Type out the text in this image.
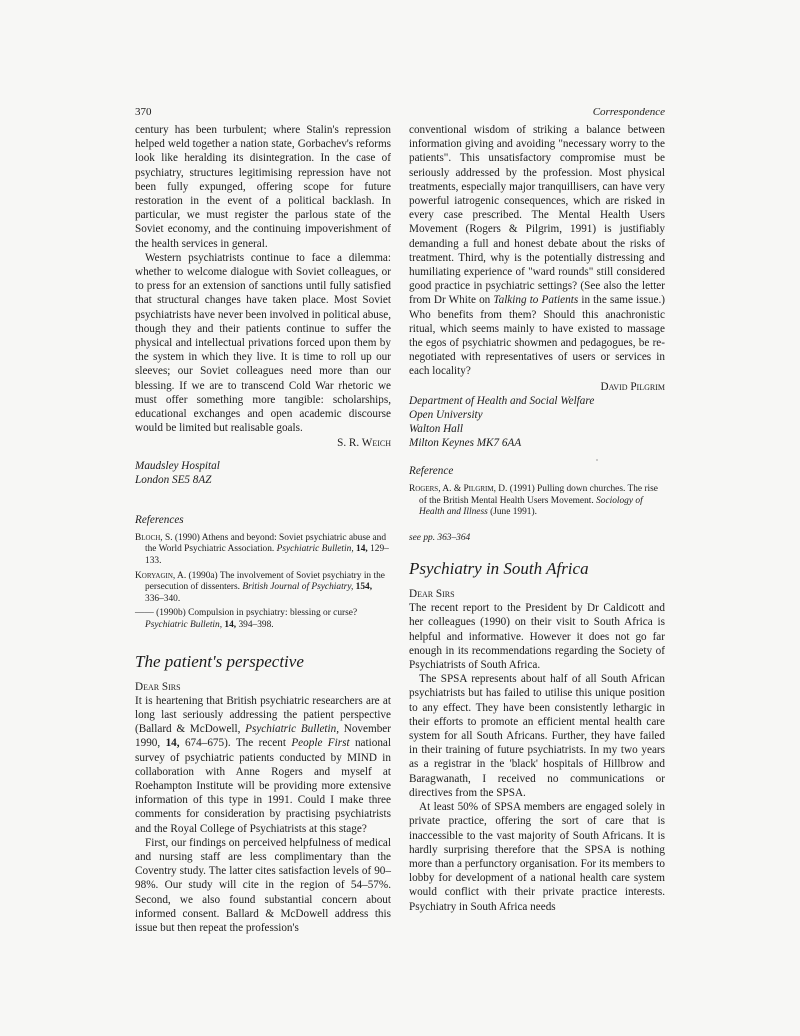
370	Correspondence

century has been turbulent; where Stalin's repression helped weld together a nation state, Gorbachev's reforms look like heralding its disintegration. In the case of psychiatry, structures legitimising repression have not been fully expunged, offering scope for future restoration in the event of a political backlash. In particular, we must register the parlous state of the Soviet economy, and the continuing impoverishment of the health services in general.

Western psychiatrists continue to face a dilemma: whether to welcome dialogue with Soviet colleagues, or to press for an extension of sanctions until fully satisfied that structural changes have taken place. Most Soviet psychiatrists have never been involved in political abuse, though they and their patients continue to suffer the physical and intellectual privations forced upon them by the system in which they live. It is time to roll up our sleeves; our Soviet colleagues need more than our blessing. If we are to transcend Cold War rhetoric we must offer something more tangible: scholarships, educational exchanges and open academic discourse would be limited but realisable goals.

S. R. Weich
Maudsley Hospital
London SE5 8AZ
References
Bloch, S. (1990) Athens and beyond: Soviet psychiatric abuse and the World Psychiatric Association. Psychiatric Bulletin, 14, 129–133.
Koryagin, A. (1990a) The involvement of Soviet psychiatry in the persecution of dissenters. British Journal of Psychiatry, 154, 336–340.
—— (1990b) Compulsion in psychiatry: blessing or curse? Psychiatric Bulletin, 14, 394–398.
The patient's perspective
Dear Sirs

It is heartening that British psychiatric researchers are at long last seriously addressing the patient perspective (Ballard & McDowell, Psychiatric Bulletin, November 1990, 14, 674–675). The recent People First national survey of psychiatric patients conducted by MIND in collaboration with Anne Rogers and myself at Roehampton Institute will be providing more extensive information of this type in 1991. Could I make three comments for consideration by practising psychiatrists and the Royal College of Psychiatrists at this stage?

First, our findings on perceived helpfulness of medical and nursing staff are less complimentary than the Coventry study. The latter cites satisfaction levels of 90–98%. Our study will cite in the region of 54–57%. Second, we also found substantial concern about informed consent. Ballard & McDowell address this issue but then repeat the profession's

conventional wisdom of striking a balance between information giving and avoiding "necessary worry to the patients". This unsatisfactory compromise must be seriously addressed by the profession. Most physical treatments, especially major tranquillisers, can have very powerful iatrogenic consequences, which are risked in every case prescribed. The Mental Health Users Movement (Rogers & Pilgrim, 1991) is justifiably demanding a full and honest debate about the risks of treatment. Third, why is the potentially distressing and humiliating experience of "ward rounds" still considered good practice in psychiatric settings? (See also the letter from Dr White on Talking to Patients in the same issue.) Who benefits from them? Should this anachronistic ritual, which seems mainly to have existed to massage the egos of psychiatric showmen and pedagogues, be re-negotiated with representatives of users or services in each locality?

David Pilgrim
Department of Health and Social Welfare
Open University
Walton Hall
Milton Keynes MK7 6AA
Reference
Rogers, A. & Pilgrim, D. (1991) Pulling down churches. The rise of the British Mental Health Users Movement. Sociology of Health and Illness (June 1991).
see pp. 363–364
Psychiatry in South Africa
Dear Sirs

The recent report to the President by Dr Caldicott and her colleagues (1990) on their visit to South Africa is helpful and informative. However it does not go far enough in its recommendations regarding the Society of Psychiatrists of South Africa.

The SPSA represents about half of all South African psychiatrists but has failed to utilise this unique position to any effect. They have been consistently lethargic in their efforts to promote an efficient mental health care system for all South Africans. Further, they have failed in their training of future psychiatrists. In my two years as a registrar in the 'black' hospitals of Hillbrow and Baragwanath, I received no communications or directives from the SPSA.

At least 50% of SPSA members are engaged solely in private practice, offering the sort of care that is inaccessible to the vast majority of South Africans. It is hardly surprising therefore that the SPSA is nothing more than a perfunctory organisation. For its members to lobby for development of a national health care system would conflict with their private practice interests. Psychiatry in South Africa needs
